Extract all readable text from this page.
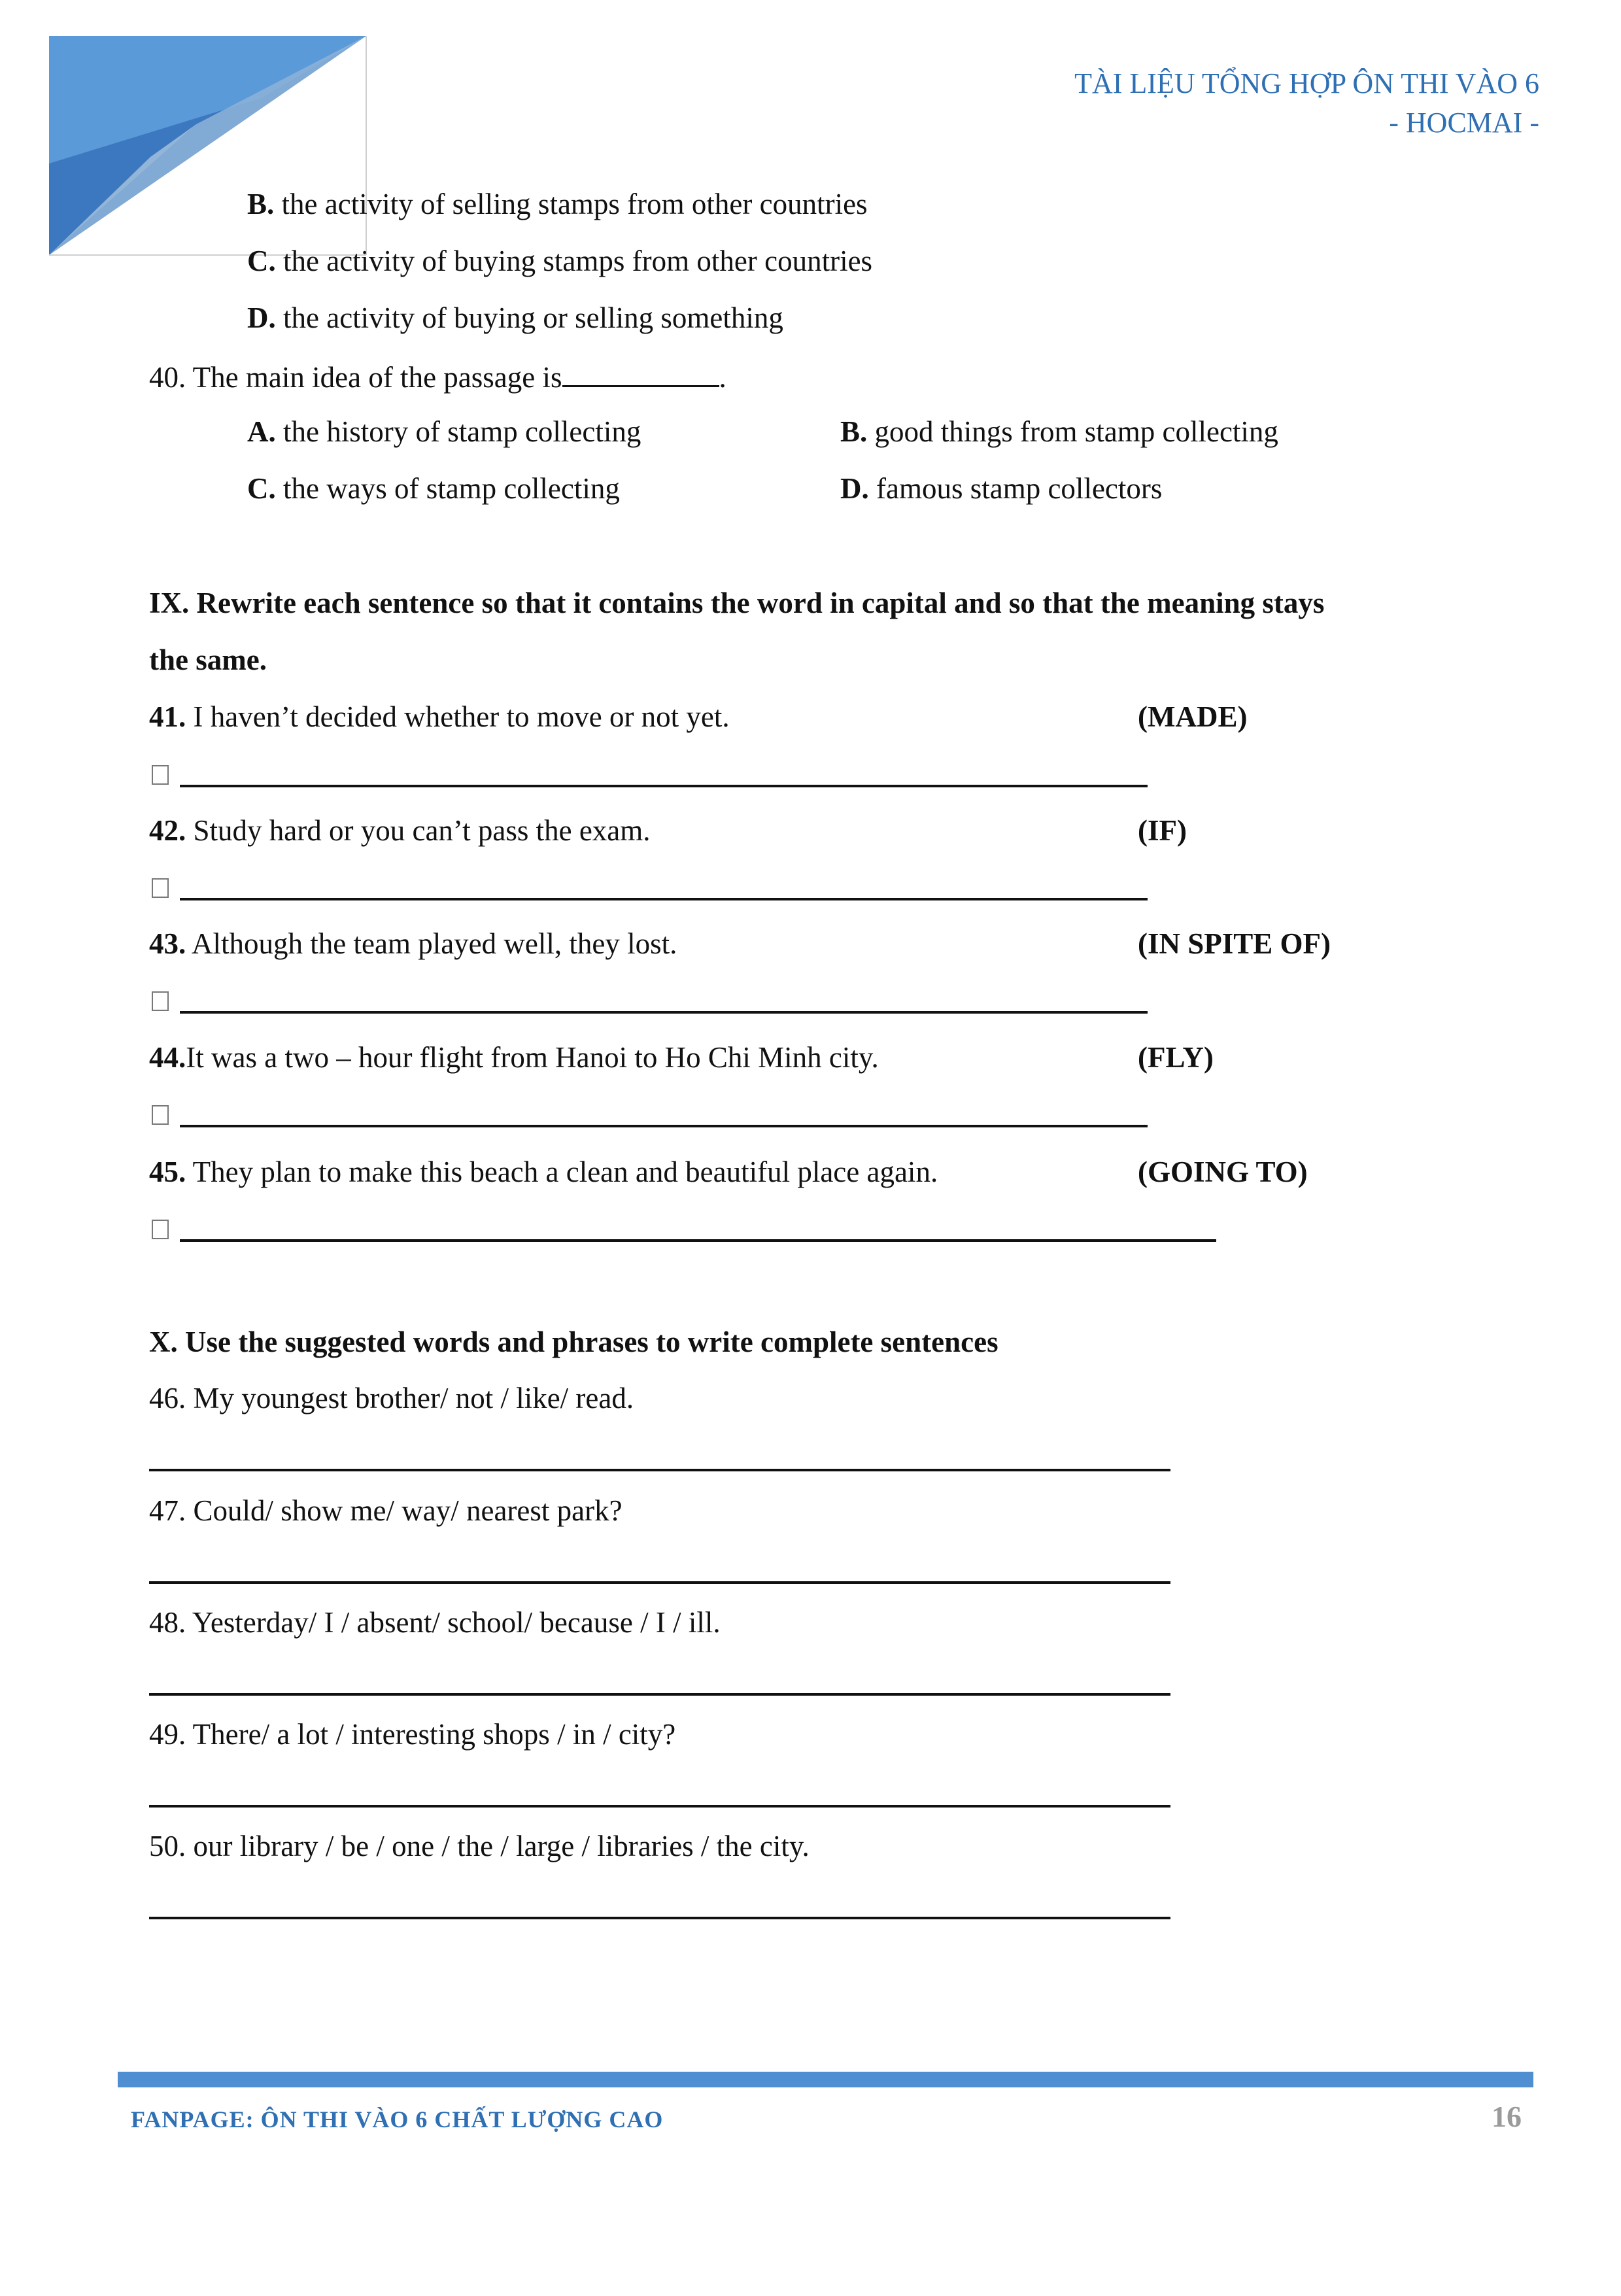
TÀI LIỆU TỔNG HỢP ÔN THI VÀO 6
- HOCMAI -
B. the activity of selling stamps from other countries
C. the activity of buying stamps from other countries
D. the activity of buying or selling something
40. The main idea of the passage is	.
A. the history of stamp collecting	B. good things from stamp collecting
C. the ways of stamp collecting	D. famous stamp collectors
IX. Rewrite each sentence so that it contains the word in capital and so that the meaning stays
the same.
41. I haven’t decided whether to move or not yet.	(MADE)
42. Study hard or you can’t pass the exam.	(IF)
43. Although the team played well, they lost.	(IN SPITE OF)
44.It was a two – hour flight from Hanoi to Ho Chi Minh city.	(FLY)
45. They plan to make this beach a clean and beautiful place again.	(GOING TO)
X. Use the suggested words and phrases to write complete sentences
46. My youngest brother/ not / like/ read.
47. Could/ show me/ way/ nearest park?
48. Yesterday/ I / absent/ school/ because / I / ill.
49. There/ a lot / interesting shops / in / city?
50. our library / be / one / the / large / libraries / the city.
FANPAGE: ÔN THI VÀO 6 CHẤT LƯỢNG CAO	16
